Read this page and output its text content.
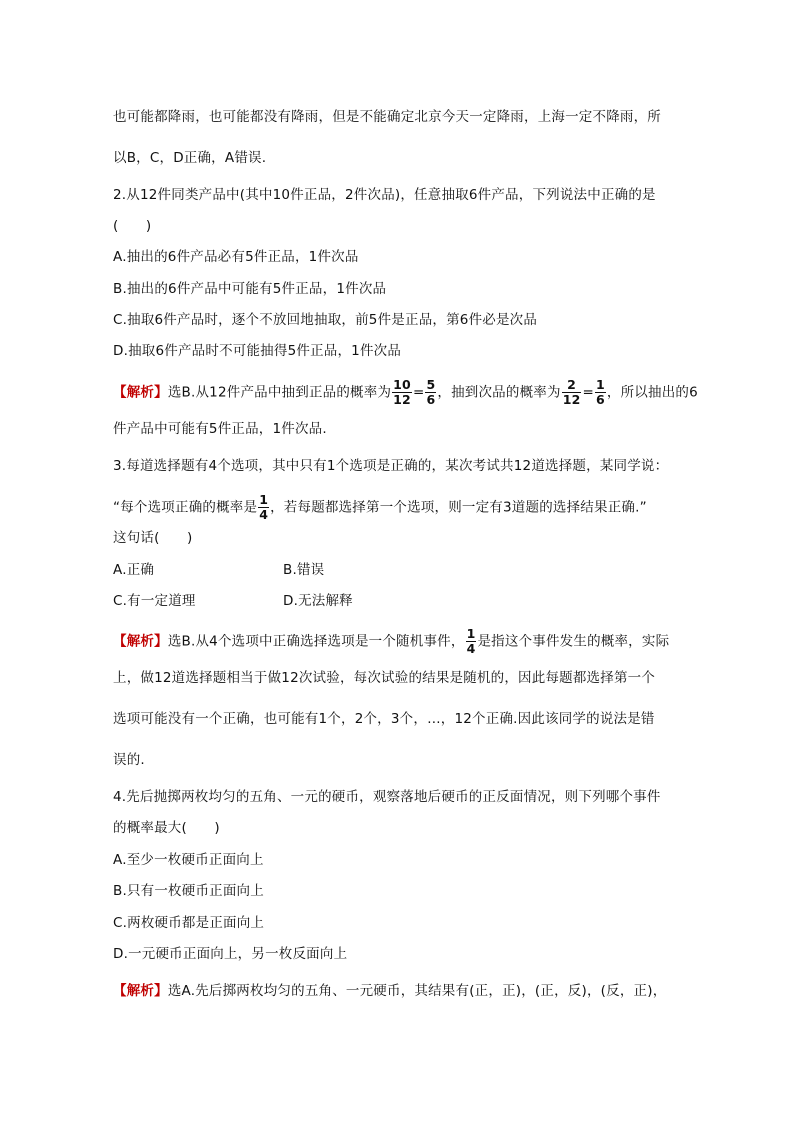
也可能都降雨，也可能都没有降雨，但是不能确定北京今天一定降雨，上海一定不降雨，所
以B，C，D正确，A错误.
2.从12件同类产品中(其中10件正品，2件次品)，任意抽取6件产品，下列说法中正确的是
(　　)
A.抽出的6件产品必有5件正品，1件次品
B.抽出的6件产品中可能有5件正品，1件次品
C.抽取6件产品时，逐个不放回地抽取，前5件是正品，第6件必是次品
D.抽取6件产品时不可能抽得5件正品，1件次品
【解析】选B.从12件产品中抽到正品的概率为 $\frac{10}{12} = \frac{5}{6}$ ，抽到次品的概率为 $\frac{2}{12} = \frac{1}{6}$ ，所以抽出的6
件产品中可能有5件正品，1件次品.
3.每道选择题有4个选项，其中只有1个选项是正确的，某次考试共12道选择题，某同学说：
“每个选项正确的概率是 $\frac{1}{4}$ ，若每题都选择第一个选项，则一定有3道题的选择结果正确.”
这句话(　　)
A.正确	B.错误
C.有一定道理	D.无法解释
【解析】选B.从4个选项中正确选择选项是一个随机事件， $\frac{1}{4}$ 是指这个事件发生的概率，实际
上，做12道选择题相当于做12次试验，每次试验的结果是随机的，因此每题都选择第一个
选项可能没有一个正确，也可能有1个，2个，3个，…，12个正确.因此该同学的说法是错
误的.
4.先后抛掷两枚均匀的五角、一元的硬币，观察落地后硬币的正反面情况，则下列哪个事件
的概率最大(　　)
A.至少一枚硬币正面向上
B.只有一枚硬币正面向上
C.两枚硬币都是正面向上
D.一元硬币正面向上，另一枚反面向上
【解析】选A.先后掷两枚均匀的五角、一元硬币，其结果有(正，正)，(正，反)，(反，正)，
